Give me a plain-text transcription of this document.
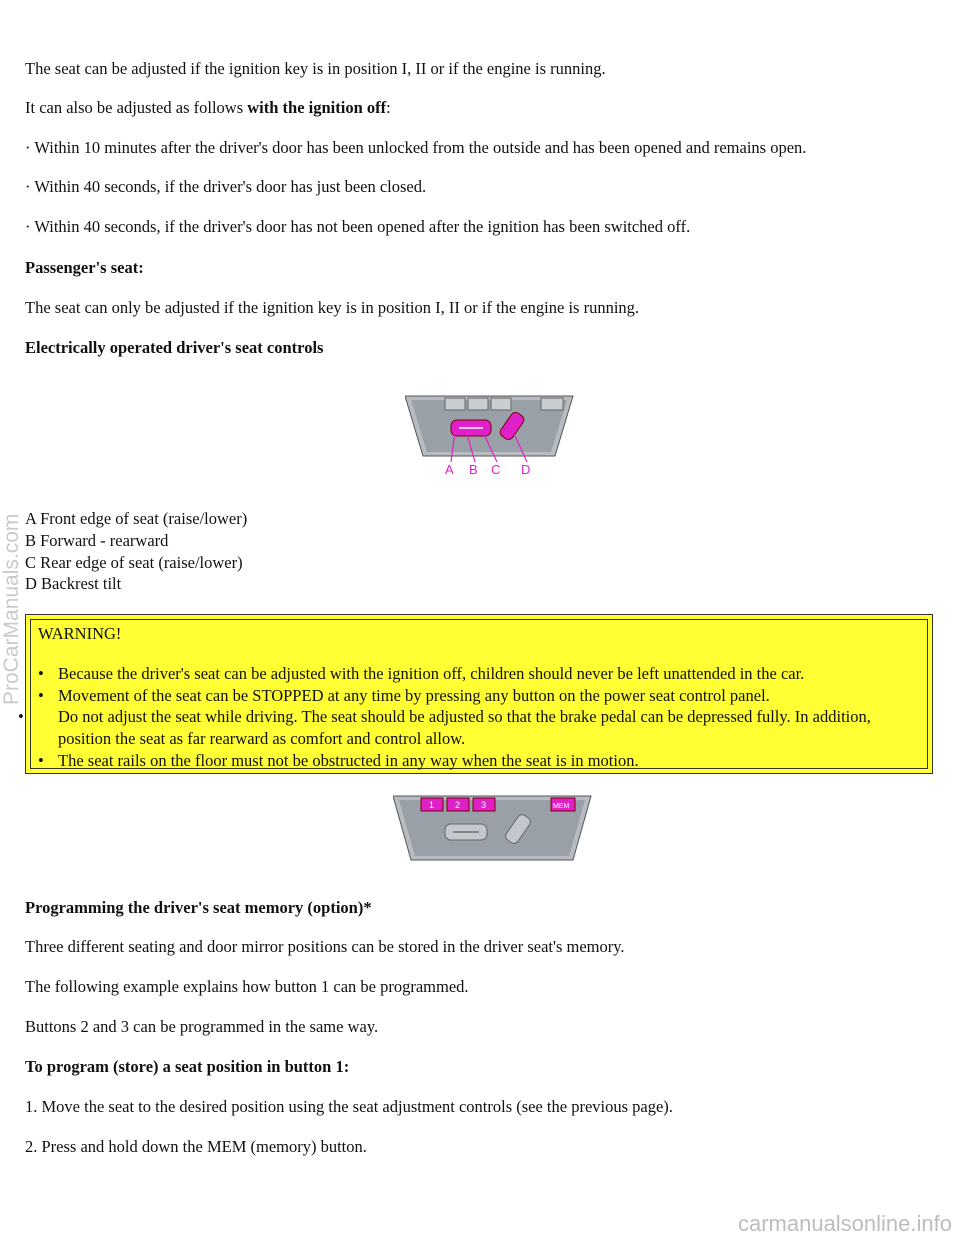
The seat can be adjusted if the ignition key is in position I, II or if the engine is running.

It can also be adjusted as follows with the ignition off:

· Within 10 minutes after the driver's door has been unlocked from the outside and has been opened and remains open.

· Within 40 seconds, if the driver's door has just been closed.

· Within 40 seconds, if the driver's door has not been opened after the ignition has been switched off.

Passenger's seat:

The seat can only be adjusted if the ignition key is in position I, II or if the engine is running.

Electrically operated driver's seat controls

A B C D
A Front edge of seat (raise/lower)
B Forward - rearward
C Rear edge of seat (raise/lower)
D Backrest tilt
WARNING!
• Because the driver's seat can be adjusted with the ignition off, children should never be left unattended in the car.
• Movement of the seat can be STOPPED at any time by pressing any button on the power seat control panel.
• Do not adjust the seat while driving. The seat should be adjusted so that the brake pedal can be depressed fully. In addition, position the seat as far rearward as comfort and control allow.
• The seat rails on the floor must not be obstructed in any way when the seat is in motion.
1 2 3	MEM

Programming the driver's seat memory (option)*

Three different seating and door mirror positions can be stored in the driver seat's memory.

The following example explains how button 1 can be programmed.

Buttons 2 and 3 can be programmed in the same way.

To program (store) a seat position in button 1:

1. Move the seat to the desired position using the seat adjustment controls (see the previous page).

2. Press and hold down the MEM (memory) button.

ProCarManuals.com
carmanualsonline.info
